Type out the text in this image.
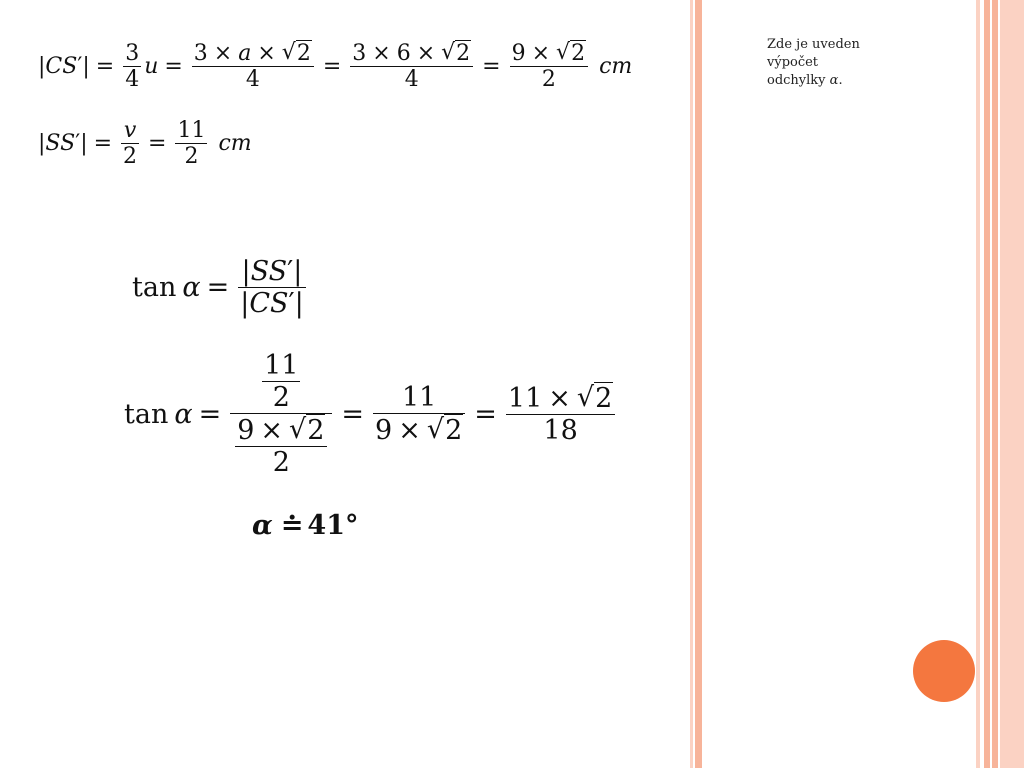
| CS ′ | = $\frac{3}{4}$ $u = \frac{3 \times a \times √ 2}{4} = \frac{3 \times 6 \times √ 2}{4} = \frac{9 \times √ 2}{2}$ cm
| SS ′ | = $\frac{v}{2} = \frac{11}{2}$ cm
$\tan \alpha = \frac{| SS ' |}{| CS ' |}$
$\tan \alpha = \frac{\frac{11}{2}}{\frac{9 \times √ 2}{2}} = \frac{11}{9 \times √ 2} = \frac{11 \times √ 2}{18}$
α ≐ 41 °
Zde je uveden
výpočet
odchylky α.
